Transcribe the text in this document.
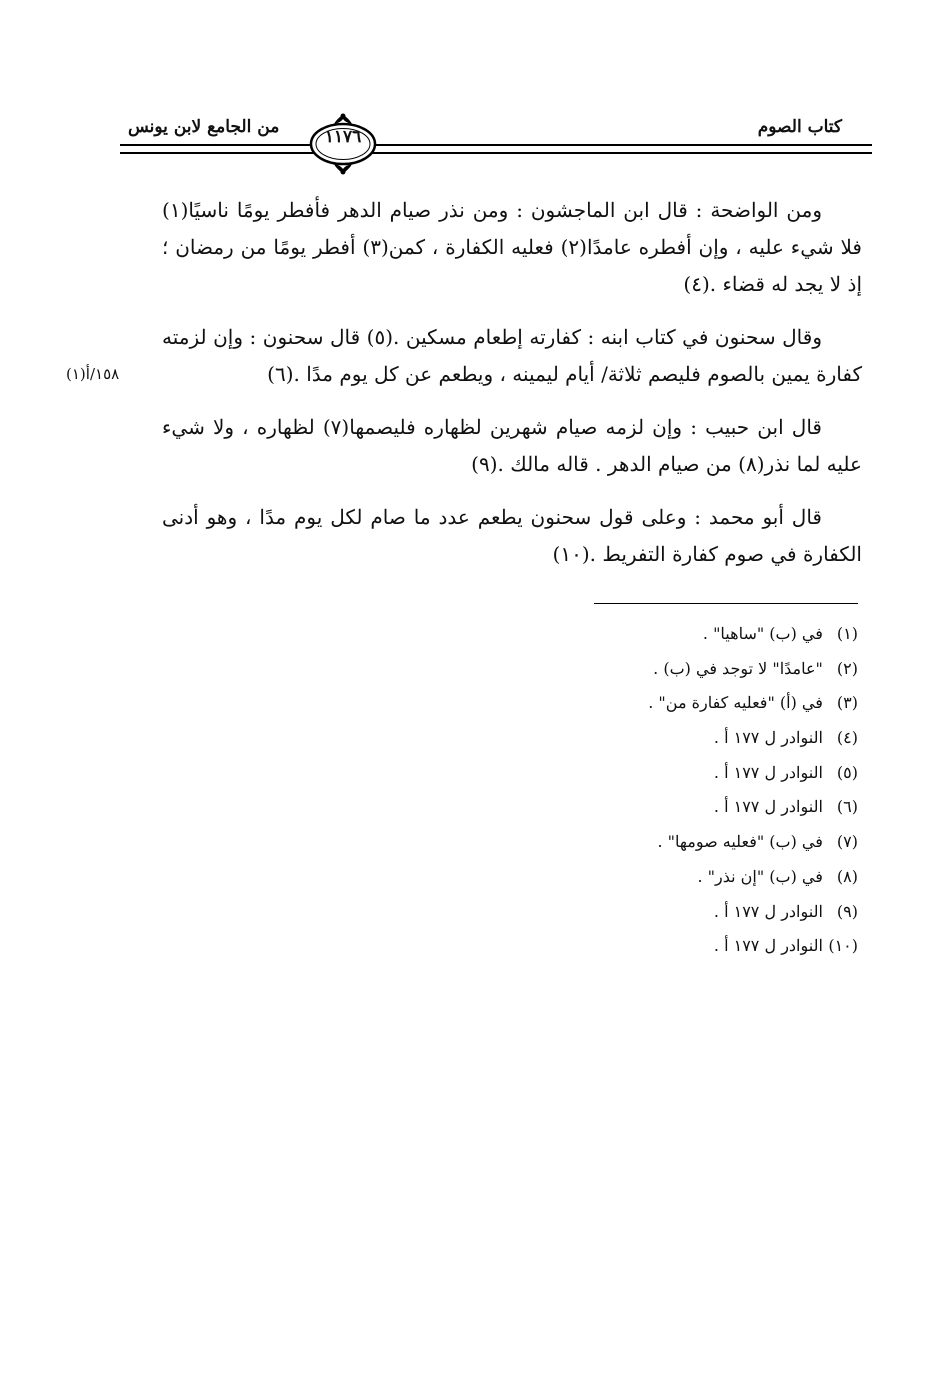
كتاب الصوم
١١٧٦
من الجامع لابن يونس
(١)١٥٨/أ

ومن الواضحة : قال ابن الماجشون : ومن نذر صيام الدهر فأفطر يومًا ناسيًا(١) فلا شيء عليه ، وإن أفطره عامدًا(٢) فعليه الكفارة ، كمن(٣) أفطر يومًا من رمضان ؛ إذ لا يجد له قضاء .(٤)

وقال سحنون في كتاب ابنه : كفارته إطعام مسكين .(٥) قال سحنون : وإن لزمته كفارة يمين بالصوم فليصم ثلاثة/ أيام ليمينه ، ويطعم عن كل يوم مدًا .(٦)

قال ابن حبيب : وإن لزمه صيام شهرين لظهاره فليصمها(٧) لظهاره ، ولا شيء عليه لما نذر(٨) من صيام الدهر . قاله مالك .(٩)

قال أبو محمد : وعلى قول سحنون يطعم عدد ما صام لكل يوم مدًا ، وهو أدنى الكفارة في صوم كفارة التفريط .(١٠)

(١) في (ب) "ساهيا" .
(٢) "عامدًا" لا توجد في (ب) .
(٣) في (أ) "فعليه كفارة من" .
(٤) النوادر ل ١٧٧ أ .
(٥) النوادر ل ١٧٧ أ .
(٦) النوادر ل ١٧٧ أ .
(٧) في (ب) "فعليه صومها" .
(٨) في (ب) "إن نذر" .
(٩) النوادر ل ١٧٧ أ .
(١٠) النوادر ل ١٧٧ أ .
